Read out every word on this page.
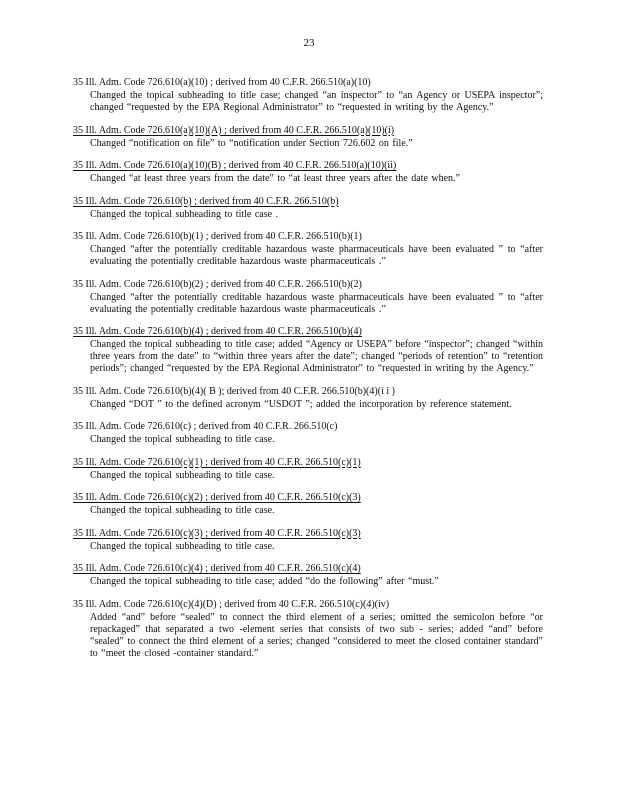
23
35 Ill. Adm. Code 726.610(a)(10) ; derived from 40 C.F.R. 266.510(a)(10)
Changed the topical subheading to title case; changed “an inspector” to “an Agency or USEPA inspector”; changed “requested by the EPA Regional Administrator” to “requested in writing by the Agency.”
35 Ill. Adm. Code 726.610(a)(10)(A) ; derived from 40 C.F.R. 266.510(a)(10)(i)
Changed “notification on file” to “notification under Section 726.602 on file.”
35 Ill. Adm. Code 726.610(a)(10)(B) ; derived from 40 C.F.R. 266.510(a)(10)(ii)
Changed “at least three years from the date” to “at least three years after the date when.”
35 Ill. Adm. Code 726.610(b) ; derived from 40 C.F.R. 266.510(b)
Changed the topical subheading to title case .
35 Ill. Adm. Code 726.610(b)(1) ; derived from 40 C.F.R. 266.510(b)(1)
Changed “after the potentially creditable hazardous waste pharmaceuticals have been evaluated ” to “after evaluating the potentially creditable hazardous waste pharmaceuticals .”
35 Ill. Adm. Code 726.610(b)(2) ; derived from 40 C.F.R. 266.510(b)(2)
Changed “after the potentially creditable hazardous waste pharmaceuticals have been evaluated ” to “after evaluating the potentially creditable hazardous waste pharmaceuticals .”
35 Ill. Adm. Code 726.610(b)(4) ; derived from 40 C.F.R. 266.510(b)(4)
Changed the topical subheading to title case; added “Agency or USEPA” before “inspector”; changed “within three years from the date” to “within three years after the date”; changed “periods of retention” to “retention periods”; changed “requested by the EPA Regional Administrator” to “requested in writing by the Agency.”
35 Ill. Adm. Code 726.610(b)(4)( B ); derived from 40 C.F.R. 266.510(b)(4)(i i )
Changed “DOT ” to the defined acronym “USDOT ”; added the incorporation by reference statement.
35 Ill. Adm. Code 726.610(c) ; derived from 40 C.F.R. 266.510(c)
Changed the topical subheading to title case.
35 Ill. Adm. Code 726.610(c)(1) ; derived from 40 C.F.R. 266.510(c)(1)
Changed the topical subheading to title case.
35 Ill. Adm. Code 726.610(c)(2) ; derived from 40 C.F.R. 266.510(c)(3)
Changed the topical subheading to title case.
35 Ill. Adm. Code 726.610(c)(3) ; derived from 40 C.F.R. 266.510(c)(3)
Changed the topical subheading to title case.
35 Ill. Adm. Code 726.610(c)(4) ; derived from 40 C.F.R. 266.510(c)(4)
Changed the topical subheading to title case; added “do the following” after “must.”
35 Ill. Adm. Code 726.610(c)(4)(D) ; derived from 40 C.F.R. 266.510(c)(4)(iv)
Added “and” before “sealed” to connect the third element of a series; omitted the semicolon before “or repackaged” that separated a two -element series that consists of two sub - series; added “and” before “sealed” to connect the third element of a series; changed “considered to meet the closed container standard” to “meet the closed -container standard.”
